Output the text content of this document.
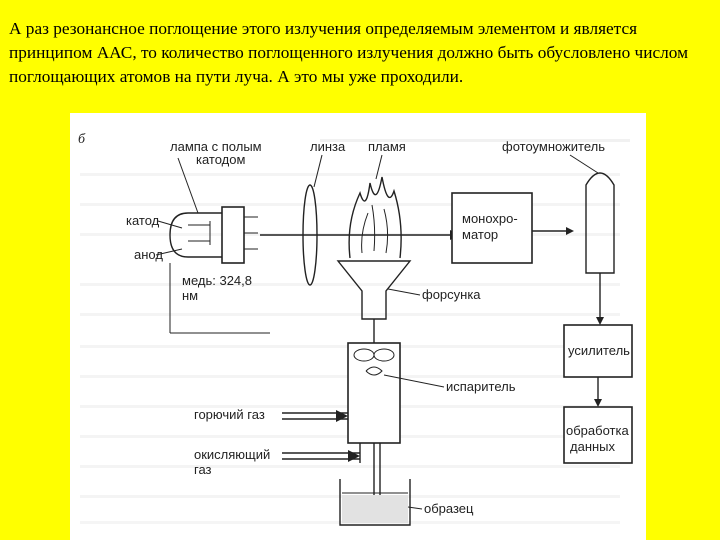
А раз резонансное поглощение этого излучения определяемым элементом и является принципом ААС, то количество поглощенного излучения должно быть обусловлено числом поглощающих атомов на пути луча. А это мы уже проходили.

б	лампа с полым
катодом
катод
анод
медь: 324,8
нм
линза пламя
монохро-
матор
фотоумножитель
усилитель
обработка
данных
форсунка
испаритель
горючий газ
окисляющий
газ
образец
